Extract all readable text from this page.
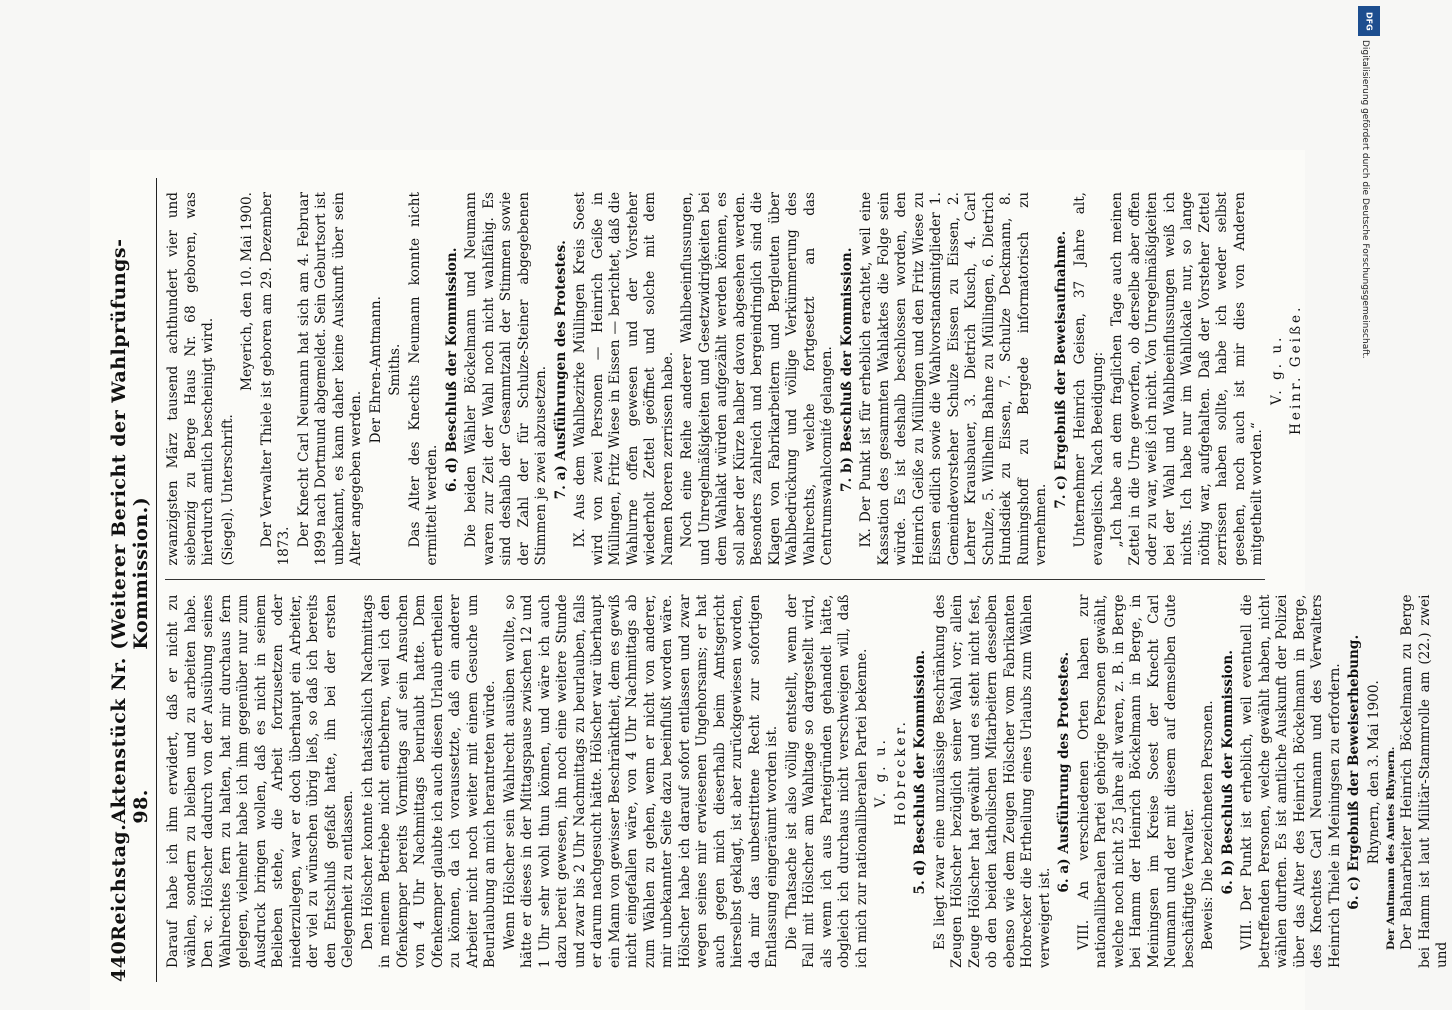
440
Reichstag.
Aktenstück Nr. 98.
(Weiterer Bericht der Wahlprüfungs-Kommission.)

Darauf habe ich ihm erwidert, daß er nicht zu wählen, sondern zu bleiben und zu arbeiten habe. Den ꝛc. Hölscher dadurch von der Ausübung seines Wahlrechtes fern zu halten, hat mir durchaus fern gelegen, vielmehr habe ich ihm gegenüber nur zum Ausdruck bringen wollen, daß es nicht in seinem Belieben stehe, die Arbeit fortzusetzen oder niederzulegen, war er doch überhaupt ein Arbeiter, der viel zu wünschen übrig ließ, so daß ich bereits den Entschluß gefaßt hatte, ihn bei der ersten Gelegenheit zu entlassen. Den Hölscher konnte ich thatsächlich Nachmittags in meinem Betriebe nicht entbehren, weil ich den Ofenkemper bereits Vormittags auf sein Ansuchen von 4 Uhr Nachmittags beurlaubt hatte. Dem Ofenkemper glaubte ich auch diesen Urlaub ertheilen zu können, da ich voraussetzte, daß ein anderer Arbeiter nicht noch weiter mit einem Gesuche um Beurlaubung an mich herantreten würde. Wenn Hölscher sein Wahlrecht ausüben wollte, so hätte er dieses in der Mittagspause zwischen 12 und 1 Uhr sehr wohl thun können, und wäre ich auch dazu bereit gewesen, ihn noch eine weitere Stunde und zwar bis 2 Uhr Nachmittags zu beurlauben, falls er darum nachgesucht hätte. Hölscher war überhaupt ein Mann von gewisser Beschränktheit, dem es gewiß nicht eingefallen wäre, von 4 Uhr Nachmittags ab zum Wählen zu gehen, wenn er nicht von anderer, mir unbekannter Seite dazu beeinflußt worden wäre. Hölscher habe ich darauf sofort entlassen und zwar wegen seines mir erwiesenen Ungehorsams; er hat auch gegen mich dieserhalb beim Amtsgericht hierselbst geklagt, ist aber zurückgewiesen worden, da mir das unbestrittene Recht zur sofortigen Entlassung eingeräumt worden ist. Die Thatsache ist also völlig entstellt, wenn der Fall mit Hölscher am Wahltage so dargestellt wird, als wenn ich aus Parteigründen gehandelt hätte, obgleich ich durchaus nicht verschweigen will, daß ich mich zur nationalliberalen Partei bekenne. V. g. u. Hobrecker. 5. d) Beschluß der Kommission. Es liegt zwar eine unzulässige Beschränkung des Zeugen Hölscher bezüglich seiner Wahl vor; allein Zeuge Hölscher hat gewählt und es steht nicht fest, ob den beiden katholischen Mitarbeitern desselben ebenso wie dem Zeugen Hölscher vom Fabrikanten Hobrecker die Ertheilung eines Urlaubs zum Wählen verweigert ist.

6. a) Ausführung des Protestes. VIII. An verschiedenen Orten haben zur nationalliberalen Partei gehörige Personen gewählt, welche noch nicht 25 Jahre alt waren, z. B. in Berge bei Hamm der Heinrich Böckelmann in Berge, in Meiningsen im Kreise Soest der Knecht Carl Neumann und der mit diesem auf demselben Gute beschäftigte Verwalter. Beweis: Die bezeichneten Personen. 6. b) Beschluß der Kommission. VIII. Der Punkt ist erheblich, weil eventuell die betreffenden Personen, welche gewählt haben, nicht wählen durften. Es ist amtliche Auskunft der Polizei über das Alter des Heinrich Böckelmann in Berge, des Knechtes Carl Neumann und des Verwalters Heinrich Thiele in Meiningsen zu erfordern. 6. c) Ergebniß der Beweiserhebung. Rhynern, den 3. Mai 1900. Der Amtmann des Amtes Rhynern. Der Bahnarbeiter Heinrich Böckelmann zu Berge bei Hamm ist laut Militär-Stammrolle am (22.) zwei und

zwanzigsten März tausend achthundert vier und siebenzig zu Berge Haus Nr. 68 geboren, was hierdurch amtlich bescheinigt wird. (Siegel). Unterschrift.

Meyerich, den 10. Mai 1900. Der Verwalter Thiele ist geboren am 29. Dezember 1873. Der Knecht Carl Neumann hat sich am 4. Februar 1899 nach Dortmund abgemeldet. Sein Geburtsort ist unbekannt, es kann daher keine Auskunft über sein Alter angegeben werden.

Der Ehren-Amtmann. Smiths. Das Alter des Knechts Neumann konnte nicht ermittelt werden.

6. d) Beschluß der Kommission. Die beiden Wähler Böckelmann und Neumann waren zur Zeit der Wahl noch nicht wahlfähig. Es sind deshalb der Gesammtzahl der Stimmen sowie der Zahl der für Schulze-Steiner abgegebenen Stimmen je zwei abzusetzen. 7. a) Ausführungen des Protestes. IX. Aus dem Wahlbezirke Müllingen Kreis Soest wird von zwei Personen — Heinrich Geiße in Müllingen, Fritz Wiese in Eissen — berichtet, daß die Wahlurne offen gewesen und der Vorsteher wiederholt Zettel geöffnet und solche mit dem Namen Roeren zerrissen habe. Noch eine Reihe anderer Wahlbeeinflussungen, und Unregelmäßigkeiten und Gesetzwidrigkeiten bei dem Wahlakt würden aufgezählt werden können, es soll aber der Kürze halber davon abgesehen werden. Besonders zahlreich und bergeindringlich sind die Klagen von Fabrikarbeitern und Bergleuten über Wahlbedrückung und völlige Verkümmerung des Wahlrechts, welche fortgesetzt an das Centrumswahlcomité gelangen. 7. b) Beschluß der Kommission. IX. Der Punkt ist für erheblich erachtet, weil eine Kassation des gesammten Wahlaktes die Folge sein würde. Es ist deshalb beschlossen worden, den Heinrich Geiße zu Müllingen und den Fritz Wiese zu Eissen eidlich sowie die Wahlvorstandsmitglieder 1. Gemeindevorsteher Schulze Eissen zu Eissen, 2. Lehrer Krausbauer, 3. Dietrich Kusch, 4. Carl Schulze, 5. Wilhelm Bahne zu Müllingen, 6. Dietrich Hundsdiek zu Eissen, 7. Schulze Deckmann, 8. Rumingshoff zu Bergede informatorisch zu vernehmen.

7. c) Ergebniß der Beweisaufnahme. Unternehmer Heinrich Geisen, 37 Jahre alt, evangelisch. Nach Beeidigung: „Ich habe an dem fraglichen Tage auch meinen Zettel in die Urne geworfen, ob derselbe aber offen oder zu war, weiß ich nicht. Von Unregelmäßigkeiten bei der Wahl und Wahlbeeinflussungen weiß ich nichts. Ich habe nur im Wahllokale nur, so lange nöthig war, aufgehalten. Daß der Vorsteher Zettel zerrissen haben sollte, habe ich weder selbst gesehen, noch auch ist mir dies von Anderen mitgetheilt worden.“

V. g. u. Heinr. Geiße.

DFG
Digitalisierung gefördert durch die Deutsche Forschungsgemeinschaft.
